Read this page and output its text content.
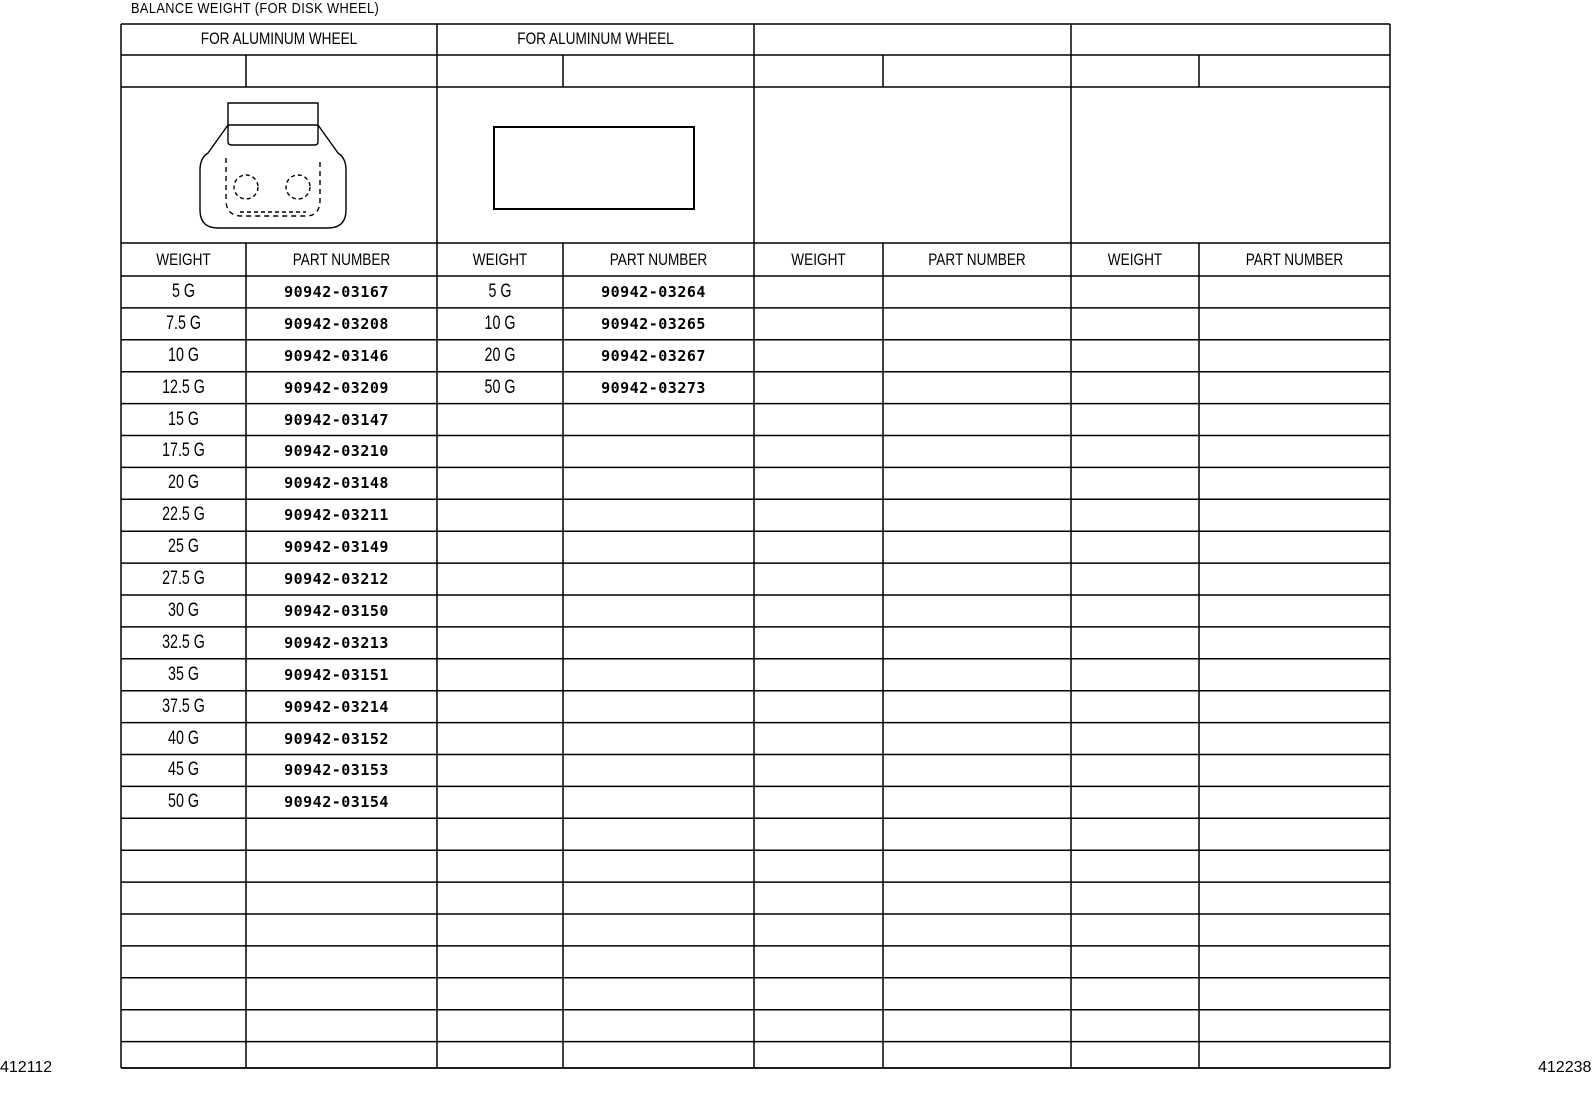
BALANCE WEIGHT (FOR DISK WHEEL)
FOR ALUMINUM WHEEL
WEIGHT	PART NUMBER
5 G	90942-03167
7.5 G	90942-03208
10 G	90942-03146
12.5 G	90942-03209
15 G	90942-03147
17.5 G	90942-03210
20 G	90942-03148
22.5 G	90942-03211
25 G	90942-03149
27.5 G	90942-03212
30 G	90942-03150
32.5 G	90942-03213
35 G	90942-03151
37.5 G	90942-03214
40 G	90942-03152
45 G	90942-03153
50 G	90942-03154
FOR ALUMINUM WHEEL
WEIGHT	PART NUMBER
5 G	90942-03264
10 G	90942-03265
20 G	90942-03267
50 G	90942-03273
WEIGHT	PART NUMBER	WEIGHT	PART NUMBER
412112	412238
